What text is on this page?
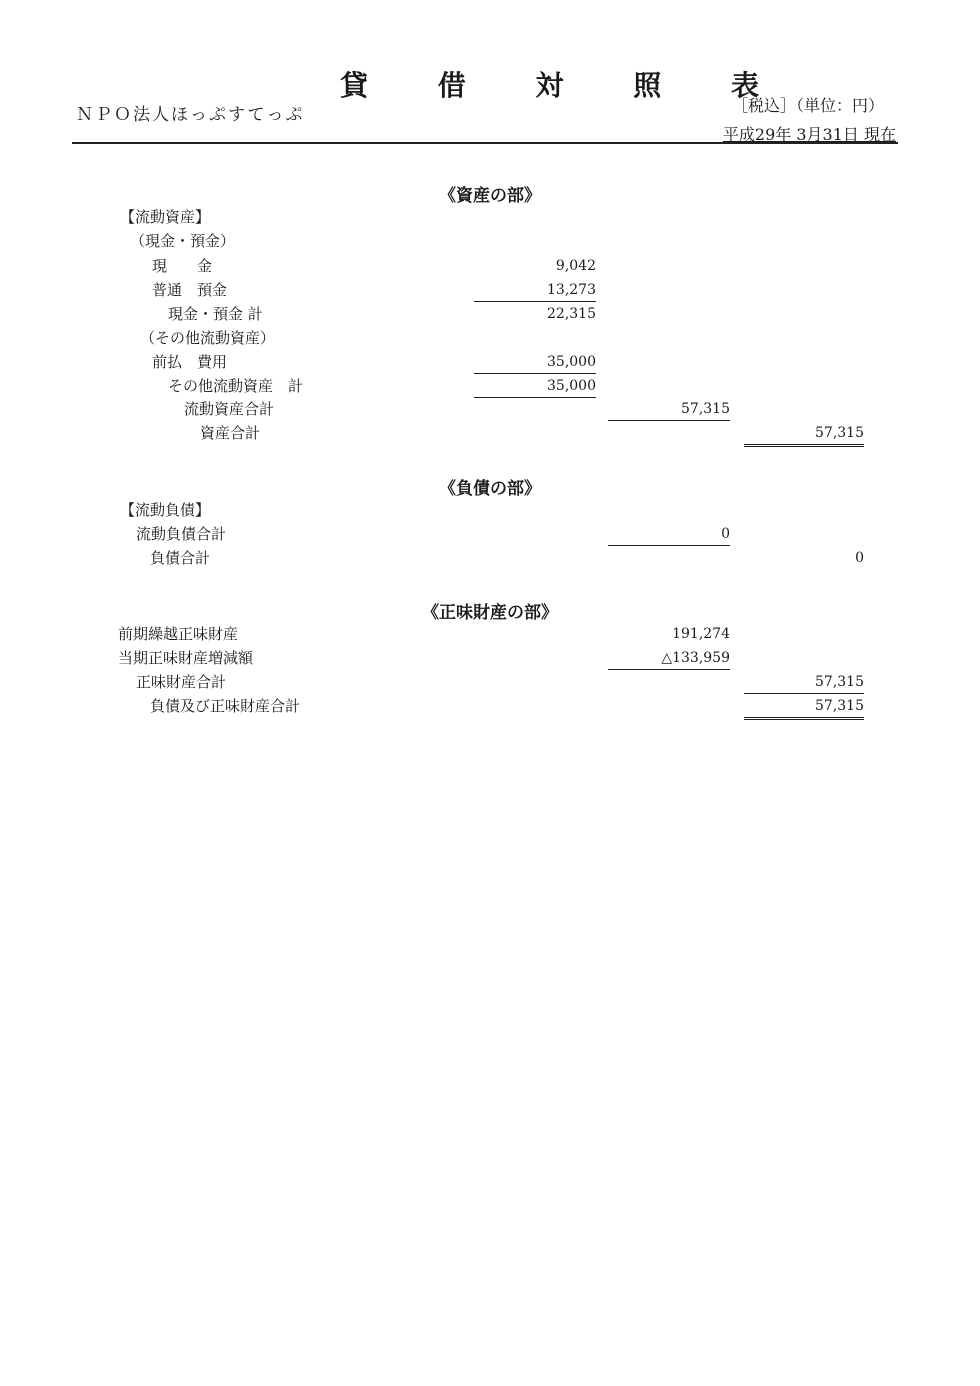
貸 借 対 照 表
ＮＰＯ法人ほっぷすてっぷ	［税込］（単位：円）
平成29年 3月31日 現在
《資産の部》
【流動資産】
（現金・預金）
現　　金	9,042
普通　預金	13,273
現金・預金 計	22,315
（その他流動資産）
前払　費用	35,000
その他流動資産　計	35,000
流動資産合計	57,315
資産合計	57,315
《負債の部》
【流動負債】
流動負債合計	0
負債合計	0
《正味財産の部》
前期繰越正味財産	191,274
当期正味財産増減額	△133,959
正味財産合計	57,315
負債及び正味財産合計	57,315
